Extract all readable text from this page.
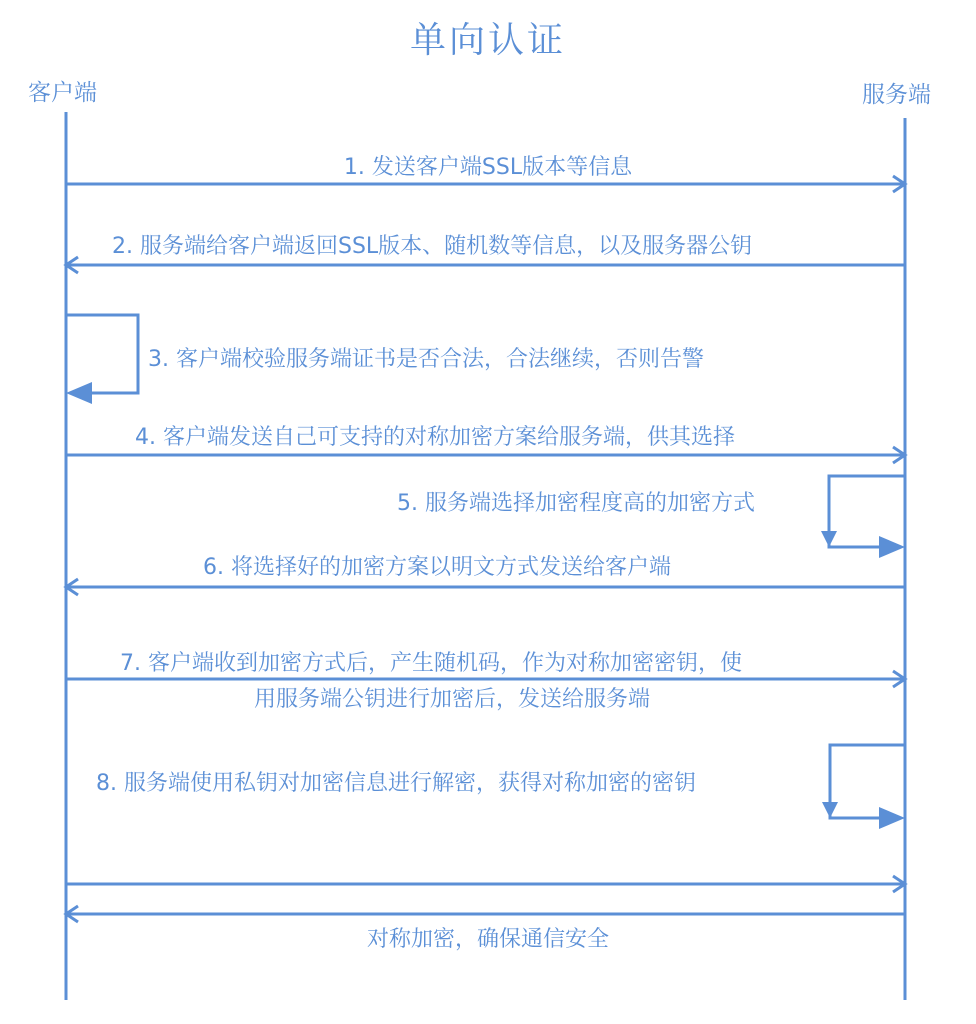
单向认证
客户端	服务端
1. 发送客户端SSL版本等信息
2. 服务端给客户端返回SSL版本、随机数等信息，以及服务器公钥
3. 客户端校验服务端证书是否合法，合法继续，否则告警
4. 客户端发送自己可支持的对称加密方案给服务端，供其选择
5. 服务端选择加密程度高的加密方式
6. 将选择好的加密方案以明文方式发送给客户端
7. 客户端收到加密方式后，产生随机码，作为对称加密密钥，使
用服务端公钥进行加密后，发送给服务端
8. 服务端使用私钥对加密信息进行解密，获得对称加密的密钥
对称加密，确保通信安全
